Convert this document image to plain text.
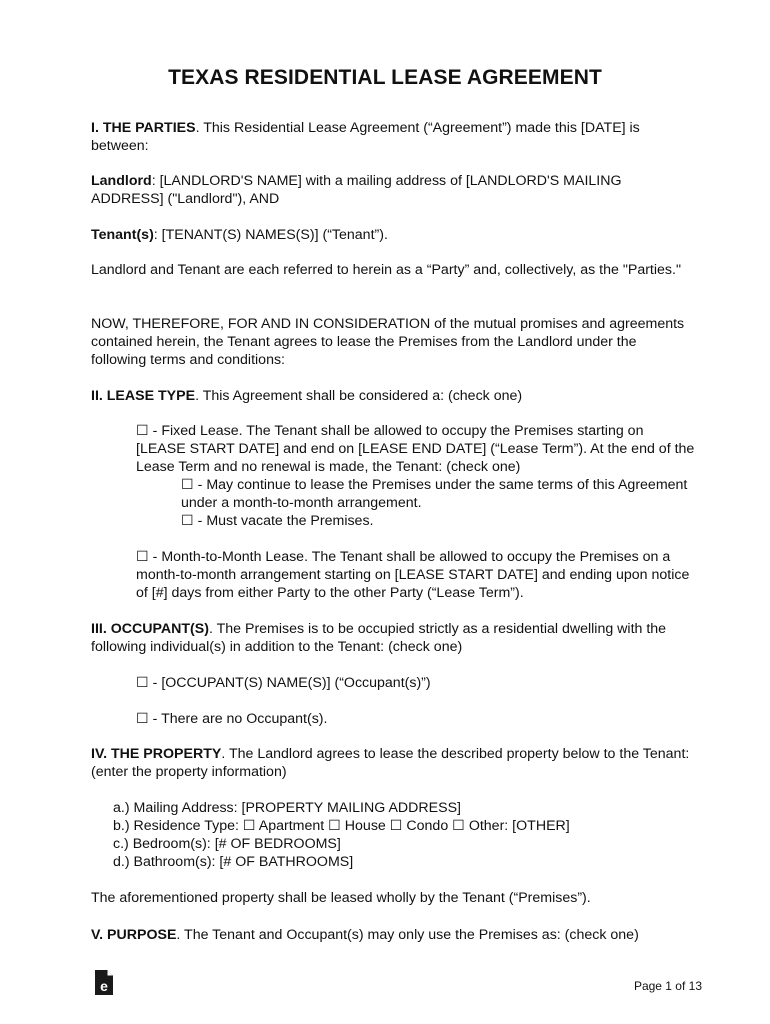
TEXAS RESIDENTIAL LEASE AGREEMENT
I. THE PARTIES. This Residential Lease Agreement (“Agreement”) made this [DATE] is between:
Landlord: [LANDLORD'S NAME] with a mailing address of [LANDLORD'S MAILING ADDRESS] ("Landlord"), AND
Tenant(s): [TENANT(S) NAMES(S)] (“Tenant”).
Landlord and Tenant are each referred to herein as a “Party” and, collectively, as the "Parties."
NOW, THEREFORE, FOR AND IN CONSIDERATION of the mutual promises and agreements contained herein, the Tenant agrees to lease the Premises from the Landlord under the following terms and conditions:
II. LEASE TYPE. This Agreement shall be considered a: (check one)
☐ - Fixed Lease. The Tenant shall be allowed to occupy the Premises starting on [LEASE START DATE] and end on [LEASE END DATE] (“Lease Term”). At the end of the Lease Term and no renewal is made, the Tenant: (check one)
☐ - May continue to lease the Premises under the same terms of this Agreement under a month-to-month arrangement.
☐ - Must vacate the Premises.
☐ - Month-to-Month Lease. The Tenant shall be allowed to occupy the Premises on a month-to-month arrangement starting on [LEASE START DATE] and ending upon notice of [#] days from either Party to the other Party (“Lease Term”).
III. OCCUPANT(S). The Premises is to be occupied strictly as a residential dwelling with the following individual(s) in addition to the Tenant: (check one)
☐ - [OCCUPANT(S) NAME(S)] (“Occupant(s)”)
☐ - There are no Occupant(s).
IV. THE PROPERTY. The Landlord agrees to lease the described property below to the Tenant: (enter the property information)
a.) Mailing Address: [PROPERTY MAILING ADDRESS]
b.) Residence Type: ☐ Apartment ☐ House ☐ Condo ☐ Other: [OTHER]
c.) Bedroom(s): [# OF BEDROOMS]
d.) Bathroom(s): [# OF BATHROOMS]
The aforementioned property shall be leased wholly by the Tenant (“Premises”).
V. PURPOSE. The Tenant and Occupant(s) may only use the Premises as: (check one)
e	Page 1 of 13
